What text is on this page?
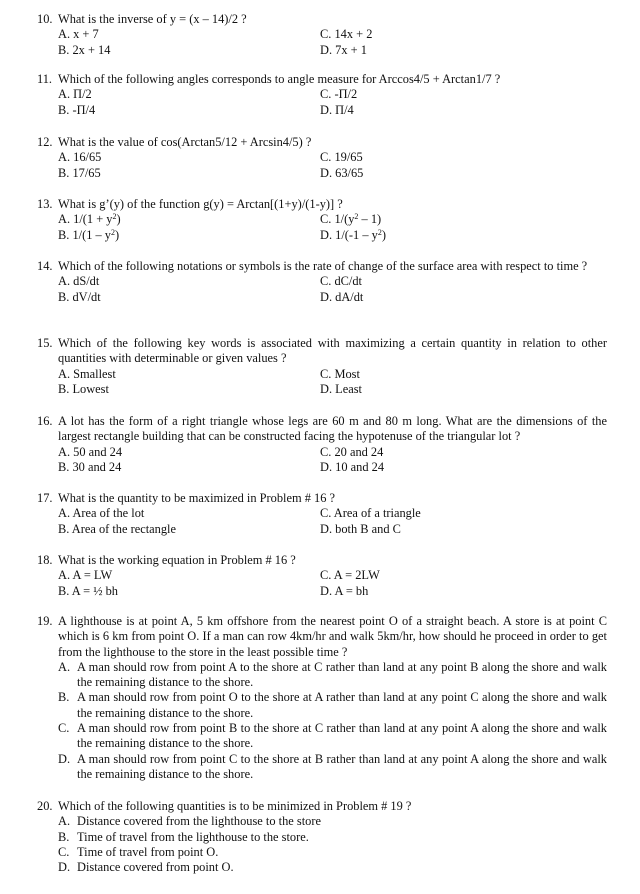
10. What is the inverse of y = (x – 14)/2 ?
A. x + 7	C. 14x + 2
B. 2x + 14	D. 7x + 1
11. Which of the following angles corresponds to angle measure for Arccos4/5 + Arctan1/7 ?
A. Π/2	C. -Π/2
B. -Π/4	D. Π/4
12. What is the value of cos(Arctan5/12 + Arcsin4/5) ?
A. 16/65	C. 19/65
B. 17/65	D. 63/65
13. What is g’(y) of the function g(y) = Arctan[(1+y)/(1-y)] ?
A. $1/(1 + y^2)$	C. $1/(y^2 - 1)$
B. $1/(1 - y^2)$	D. $1/(-1 - y^2)$
14. Which of the following notations or symbols is the rate of change of the surface area with respect to time ?
A. dS/dt	C. dC/dt
B. dV/dt	D. dA/dt
15. Which of the following key words is associated with maximizing a certain quantity in relation to other quantities with determinable or given values ?
A. Smallest	C. Most
B. Lowest	D. Least
16. A lot has the form of a right triangle whose legs are 60 m and 80 m long. What are the dimensions of the largest rectangle building that can be constructed facing the hypotenuse of the triangular lot ?
A. 50 and 24	C. 20 and 24
B. 30 and 24	D. 10 and 24
17. What is the quantity to be maximized in Problem # 16 ?
A. Area of the lot	C. Area of a triangle
B. Area of the rectangle	D. both B and C
18. What is the working equation in Problem # 16 ?
A. A = LW	C. A = 2LW
B. A = ½ bh	D. A = bh
19. A lighthouse is at point A, 5 km offshore from the nearest point O of a straight beach. A store is at point C which is 6 km from point O. If a man can row 4km/hr and walk 5km/hr, how should he proceed in order to get from the lighthouse to the store in the least possible time ?
A. A man should row from point A to the shore at C rather than land at any point B along the shore and walk the remaining distance to the shore.
B. A man should row from point O to the shore at A rather than land at any point C along the shore and walk the remaining distance to the shore.
C. A man should row from point B to the shore at C rather than land at any point A along the shore and walk the remaining distance to the shore.
D. A man should row from point C to the shore at B rather than land at any point A along the shore and walk the remaining distance to the shore.
20. Which of the following quantities is to be minimized in Problem # 19 ?
A. Distance covered from the lighthouse to the store
B. Time of travel from the lighthouse to the store.
C. Time of travel from point O.
D. Distance covered from point O.
